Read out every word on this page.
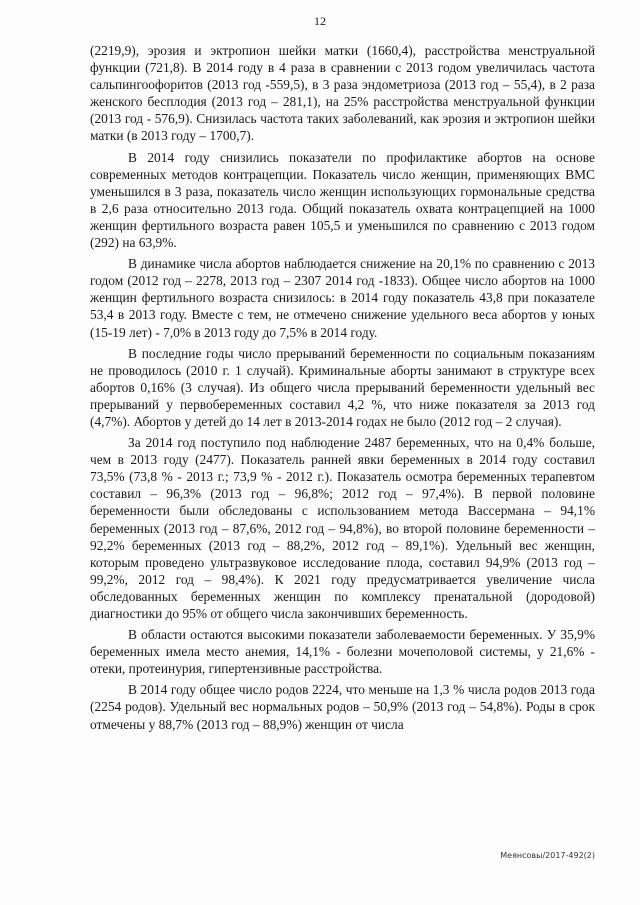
12

(2219,9), эрозия и эктропион шейки матки (1660,4), расстройства менструальной функции (721,8). В 2014 году в 4 раза в сравнении с 2013 годом увеличилась частота сальпингоофоритов (2013 год -559,5), в 3 раза эндометриоза (2013 год – 55,4), в 2 раза женского бесплодия (2013 год – 281,1), на 25% расстройства менструальной функции (2013 год - 576,9). Снизилась частота таких заболеваний, как эрозия и эктропион шейки матки (в 2013 году – 1700,7).

В 2014 году снизились показатели по профилактике абортов на основе современных методов контрацепции. Показатель число женщин, применяющих ВМС уменьшился в 3 раза, показатель число женщин использующих гормональные средства в 2,6 раза относительно 2013 года. Общий показатель охвата контрацепцией на 1000 женщин фертильного возраста равен 105,5 и уменьшился по сравнению с 2013 годом (292) на 63,9%.

В динамике числа абортов наблюдается снижение на 20,1% по сравнению с 2013 годом (2012 год – 2278, 2013 год – 2307 2014 год -1833). Общее число абортов на 1000 женщин фертильного возраста снизилось: в 2014 году показатель 43,8 при показателе 53,4 в 2013 году. Вместе с тем, не отмечено снижение удельного веса абортов у юных (15-19 лет) - 7,0% в 2013 году до 7,5% в 2014 году.

В последние годы число прерываний беременности по социальным показаниям не проводилось (2010 г. 1 случай). Криминальные аборты занимают в структуре всех абортов 0,16% (3 случая). Из общего числа прерываний беременности удельный вес прерываний у первобеременных составил 4,2 %, что ниже показателя за 2013 год (4,7%). Абортов у детей до 14 лет в 2013-2014 годах не было (2012 год – 2 случая).

За 2014 год поступило под наблюдение 2487 беременных, что на 0,4% больше, чем в 2013 году (2477). Показатель ранней явки беременных в 2014 году составил 73,5% (73,8 % - 2013 г.; 73,9 % - 2012 г.). Показатель осмотра беременных терапевтом составил – 96,3% (2013 год – 96,8%; 2012 год – 97,4%). В первой половине беременности были обследованы с использованием метода Вассермана – 94,1% беременных (2013 год – 87,6%, 2012 год – 94,8%), во второй половине беременности – 92,2% беременных (2013 год – 88,2%, 2012 год – 89,1%). Удельный вес женщин, которым проведено ультразвуковое исследование плода, составил 94,9% (2013 год – 99,2%, 2012 год – 98,4%). К 2021 году предусматривается увеличение числа обследованных беременных женщин по комплексу пренатальной (дородовой) диагностики до 95% от общего числа закончивших беременность.

В области остаются высокими показатели заболеваемости беременных. У 35,9% беременных имела место анемия, 14,1% - болезни мочеполовой системы, у 21,6% - отеки, протеинурия, гипертензивные расстройства.

В 2014 году общее число родов 2224, что меньше на 1,3 % числа родов 2013 года (2254 родов). Удельный вес нормальных родов – 50,9% (2013 год – 54,8%). Роды в срок отмечены у 88,7% (2013 год – 88,9%) женщин от числа

Меянсовы/2017-492(2)
